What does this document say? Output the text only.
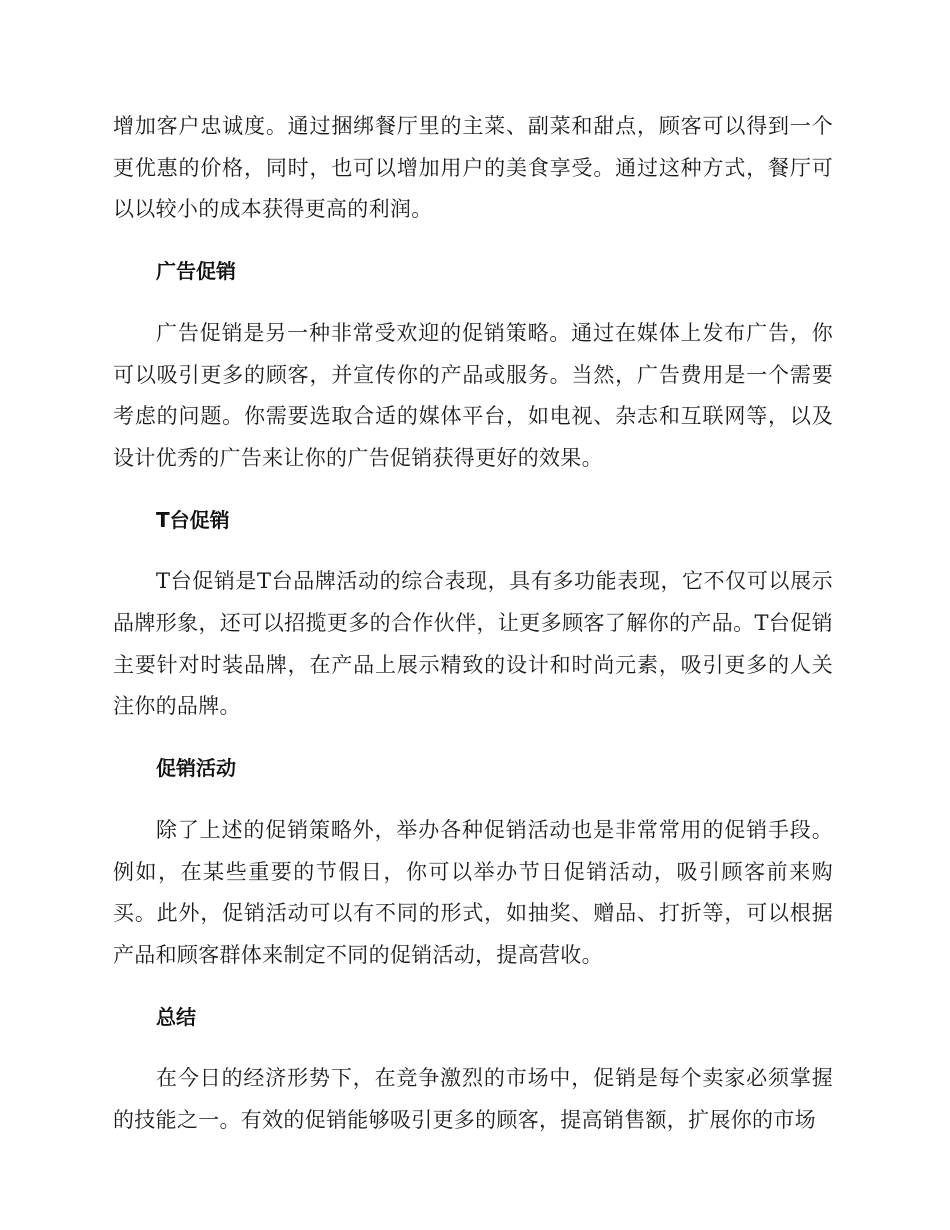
增加客户忠诚度。通过捆绑餐厅里的主菜、副菜和甜点，顾客可以得到一个更优惠的价格，同时，也可以增加用户的美食享受。通过这种方式，餐厅可以以较小的成本获得更高的利润。

广告促销

广告促销是另一种非常受欢迎的促销策略。通过在媒体上发布广告，你可以吸引更多的顾客，并宣传你的产品或服务。当然，广告费用是一个需要考虑的问题。你需要选取合适的媒体平台，如电视、杂志和互联网等，以及设计优秀的广告来让你的广告促销获得更好的效果。

T台促销

T台促销是T台品牌活动的综合表现，具有多功能表现，它不仅可以展示品牌形象，还可以招揽更多的合作伙伴，让更多顾客了解你的产品。T台促销主要针对时装品牌，在产品上展示精致的设计和时尚元素，吸引更多的人关注你的品牌。

促销活动

除了上述的促销策略外，举办各种促销活动也是非常常用的促销手段。例如，在某些重要的节假日，你可以举办节日促销活动，吸引顾客前来购买。此外，促销活动可以有不同的形式，如抽奖、赠品、打折等，可以根据产品和顾客群体来制定不同的促销活动，提高营收。

总结

在今日的经济形势下，在竞争激烈的市场中，促销是每个卖家必须掌握的技能之一。有效的促销能够吸引更多的顾客，提高销售额，扩展你的市场
